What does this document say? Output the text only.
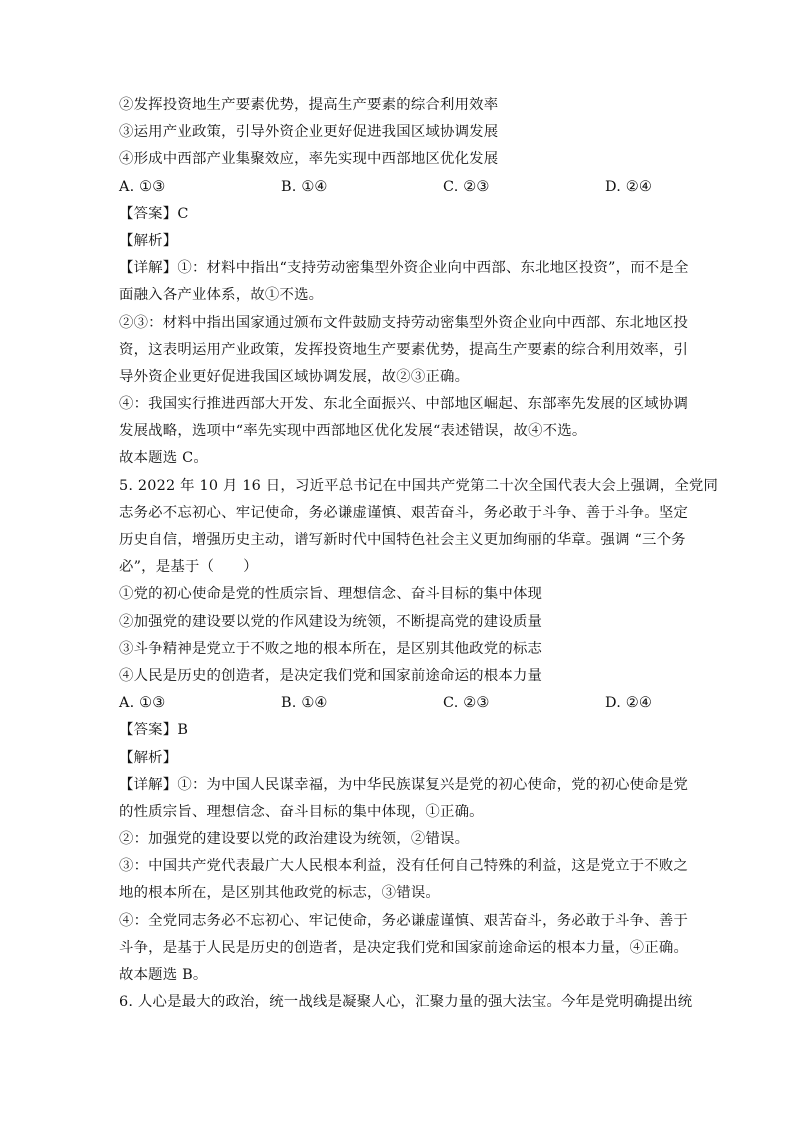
②发挥投资地生产要素优势，提高生产要素的综合利用效率
③运用产业政策，引导外资企业更好促进我国区域协调发展
④形成中西部产业集聚效应，率先实现中西部地区优化发展
A. ①③	B. ①④	C. ②③	D. ②④
【答案】C
【解析】
【详解】①：材料中指出“支持劳动密集型外资企业向中西部、东北地区投资”，而不是全
面融入各产业体系，故①不选。
②③：材料中指出国家通过颁布文件鼓励支持劳动密集型外资企业向中西部、东北地区投
资，这表明运用产业政策，发挥投资地生产要素优势，提高生产要素的综合利用效率，引
导外资企业更好促进我国区域协调发展，故②③正确。
④：我国实行推进西部大开发、东北全面振兴、中部地区崛起、东部率先发展的区域协调
发展战略，选项中“率先实现中西部地区优化发展“表述错误，故④不选。
故本题选 C。
5. 2022 年 10 月 16 日，习近平总书记在中国共产党第二十次全国代表大会上强调，全党同
志务必不忘初心、牢记使命，务必谦虚谨慎、艰苦奋斗，务必敢于斗争、善于斗争。坚定
历史自信，增强历史主动，谱写新时代中国特色社会主义更加绚丽的华章。强调 “三个务
必”，是基于（　　）
①党的初心使命是党的性质宗旨、理想信念、奋斗目标的集中体现
②加强党的建设要以党的作风建设为统领，不断提高党的建设质量
③斗争精神是党立于不败之地的根本所在，是区别其他政党的标志
④人民是历史的创造者，是决定我们党和国家前途命运的根本力量
A. ①③	B. ①④	C. ②③	D. ②④
【答案】B
【解析】
【详解】①：为中国人民谋幸福，为中华民族谋复兴是党的初心使命，党的初心使命是党
的性质宗旨、理想信念、奋斗目标的集中体现，①正确。
②：加强党的建设要以党的政治建设为统领，②错误。
③：中国共产党代表最广大人民根本利益，没有任何自己特殊的利益，这是党立于不败之
地的根本所在，是区别其他政党的标志，③错误。
④：全党同志务必不忘初心、牢记使命，务必谦虚谨慎、艰苦奋斗，务必敢于斗争、善于
斗争，是基于人民是历史的创造者，是决定我们党和国家前途命运的根本力量，④正确。
故本题选 B。
6. 人心是最大的政治，统一战线是凝聚人心，汇聚力量的强大法宝。今年是党明确提出统
